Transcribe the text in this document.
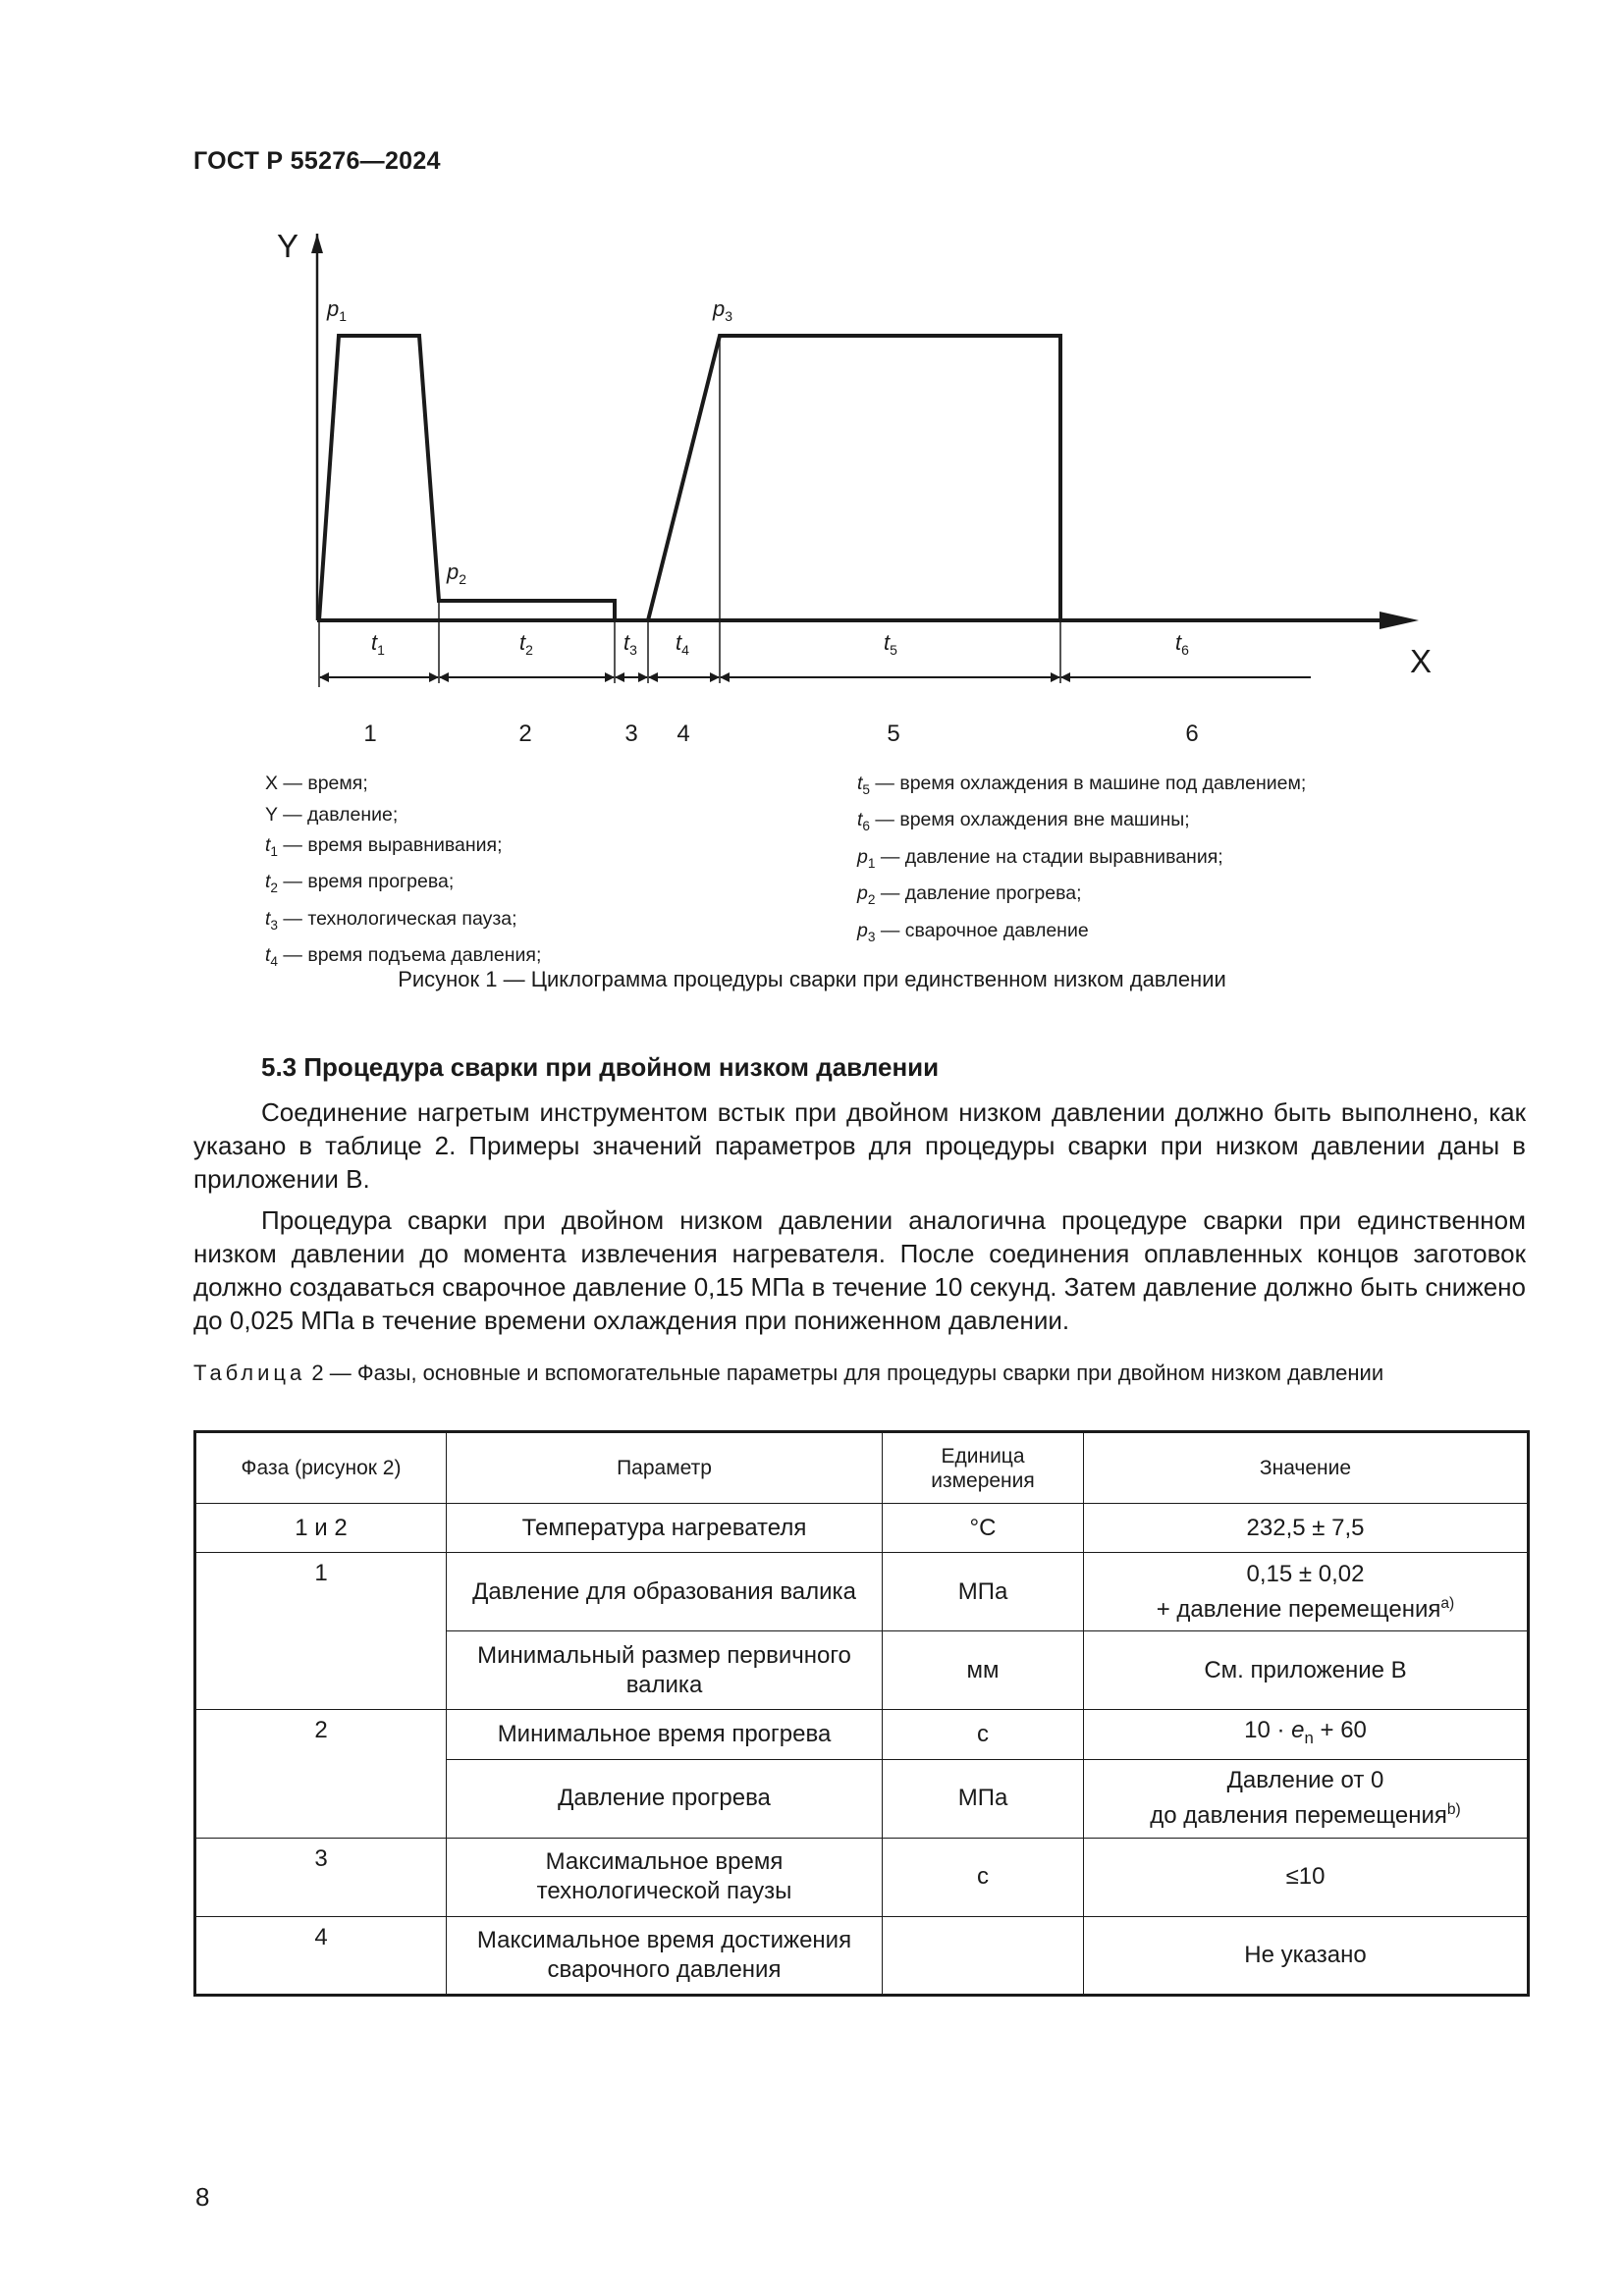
ГОСТ Р 55276—2024
Y
X
$p_1$
$p_2$
$p_3$
$t_1$	$t_2$	$t_3$ $t_4$	$t_5$	$t_6$
1	2	3 4	5	6
X — время;
Y — давление;
$t_1$ — время выравнивания;
$t_2$ — время прогрева;
$t_3$ — технологическая пауза;
$t_4$ — время подъема давления;
$t_5$ — время охлаждения в машине под давлением;
$t_6$ — время охлаждения вне машины;
$p_1$ — давление на стадии выравнивания;
$p_2$ — давление прогрева;
$p_3$ — сварочное давление
Рисунок 1 — Циклограмма процедуры сварки при единственном низком давлении
5.3 Процедура сварки при двойном низком давлении

Соединение нагретым инструментом встык при двойном низком давлении должно быть выполнено, как указано в таблице 2. Примеры значений параметров для процедуры сварки при низком давлении даны в приложении В.

Процедура сварки при двойном низком давлении аналогична процедуре сварки при единственном низком давлении до момента извлечения нагревателя. После соединения оплавленных концов заготовок должно создаваться сварочное давление 0,15 МПа в течение 10 секунд. Затем давление должно быть снижено до 0,025 МПа в течение времени охлаждения при пониженном давлении.

Таблица 2 — Фазы, основные и вспомогательные параметры для процедуры сварки при двойном низком давлении
Фаза (рисунок 2)	Параметр	Единица измерения	Значение
1 и 2	Температура нагревателя	°С	232,5 ± 7,5
1	Давление для образования валика	МПа	0,15 ± 0,02
+ давление перемещения$^{a)}$
	Минимальный размер первичного валика	мм	См. приложение В
2	Минимальное время прогрева	с	$10 \cdot e_n + 60$
	Давление прогрева	МПа	Давление от 0
до давления перемещения$^{b)}$
3	Максимальное время технологической паузы	с	≤10
4	Максимальное время достижения сварочного давления		Не указано
8
